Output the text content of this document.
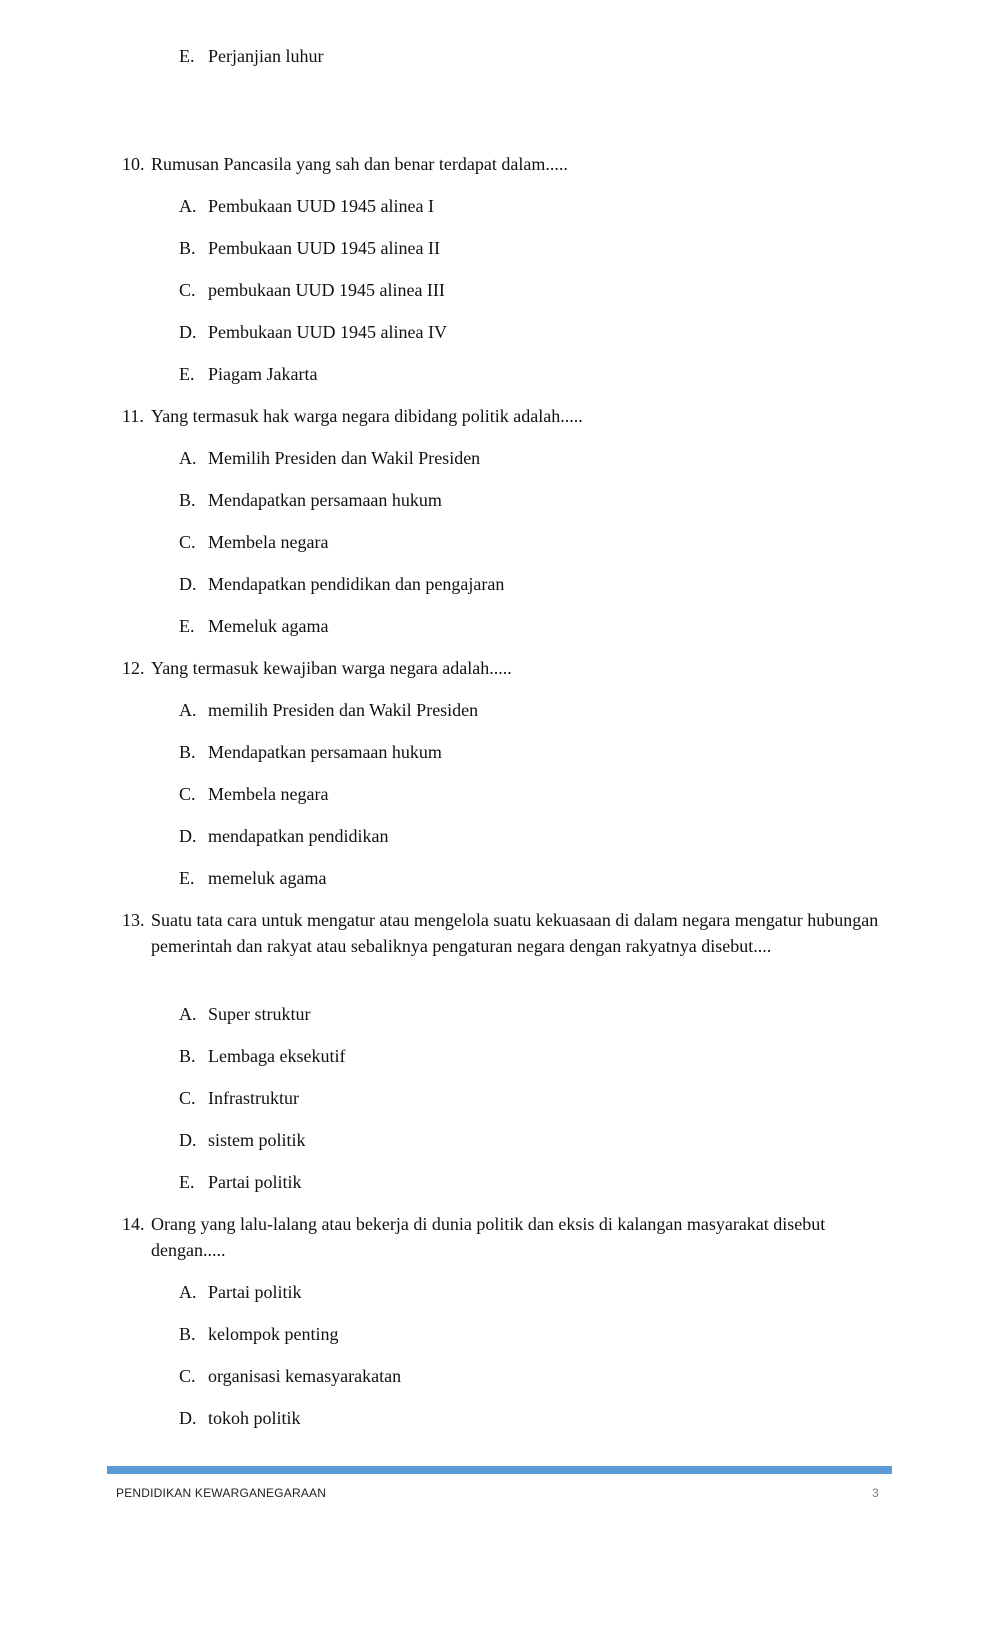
E. Perjanjian luhur
10. Rumusan Pancasila yang sah dan benar terdapat dalam.....
A. Pembukaan UUD 1945 alinea I
B. Pembukaan UUD 1945 alinea II
C. pembukaan UUD 1945 alinea III
D. Pembukaan UUD 1945 alinea IV
E. Piagam Jakarta
11. Yang termasuk hak warga negara dibidang politik adalah.....
A. Memilih Presiden dan Wakil Presiden
B. Mendapatkan persamaan hukum
C. Membela negara
D. Mendapatkan pendidikan dan pengajaran
E. Memeluk agama
12. Yang termasuk kewajiban warga negara adalah.....
A. memilih Presiden dan Wakil Presiden
B. Mendapatkan persamaan hukum
C. Membela negara
D. mendapatkan pendidikan
E. memeluk agama
13. Suatu tata cara untuk mengatur atau mengelola suatu kekuasaan di dalam negara mengatur hubungan pemerintah dan rakyat atau sebaliknya pengaturan negara dengan rakyatnya disebut....
A. Super struktur
B. Lembaga eksekutif
C. Infrastruktur
D. sistem politik
E. Partai politik
14. Orang yang lalu-lalang atau bekerja di dunia politik dan eksis di kalangan masyarakat disebut dengan.....
A. Partai politik
B. kelompok penting
C. organisasi kemasyarakatan
D. tokoh politik
PENDIDIKAN KEWARGANEGARAAN	3
